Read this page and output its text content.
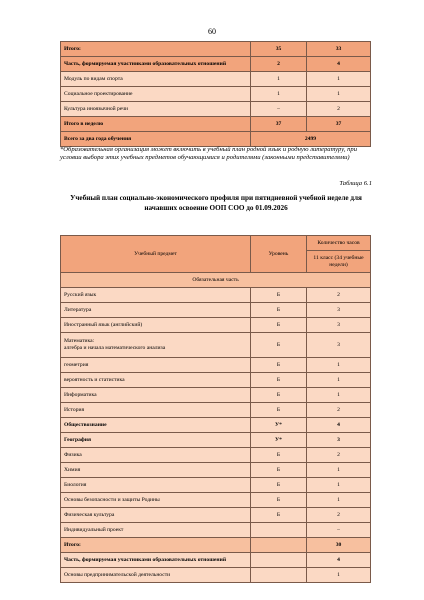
60
Итого:	35	33
Часть, формируемая участниками образовательных отношений	2	4
Модуль по видам спорта	1	1
Социальное проектирование	1	1
Культура иноязычной речи	–	2
Итого в неделю	37	37
Всего за два года обучения	2499	
*Образовательная организация может включить в учебный план родной язык и родную литературу, при условии выбора этих учебных предметов обучающимися и родителями (законными представителями)
Таблица 6.1
Учебный план социально-экономического профиля при пятидневной учебной неделе для начавших освоение ООП СОО до 01.09.2026
Учебный предмет	Уровень	Количество часов
		11 класс (34 учебные недели)
Обязательная часть		
Русский язык	Б	2
Литература	Б	3
Иностранный язык (английский)	Б	3

Математика:
алгебра и начала математического анализа	Б	3
геометрия	Б	1
вероятность и статистика	Б	1
Информатика	Б	1
История	Б	2
Обществознание	У*	4
География	У*	3
Физика	Б	2
Химия	Б	1
Биология	Б	1
Основы безопасности и защиты Родины	Б	1
Физическая культура	Б	2
Индивидуальный проект		–
Итого:		30
Часть, формируемая участниками образовательных отношений		4
Основы предпринимательской деятельности		1
